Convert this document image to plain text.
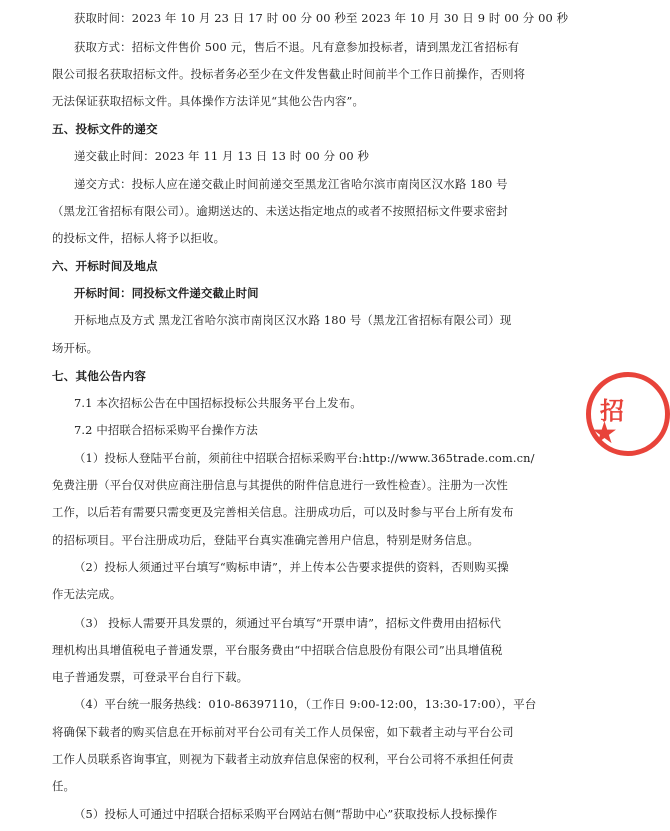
获取时间：2023 年 10 月 23 日 17 时 00 分 00 秒至 2023 年 10 月 30 日 9 时 00 分 00 秒

获取方式：招标文件售价 500 元，售后不退。凡有意参加投标者，请到黑龙江省招标有

限公司报名获取招标文件。投标者务必至少在文件发售截止时间前半个工作日前操作，否则将

无法保证获取招标文件。具体操作方法详见“其他公告内容”。

五、投标文件的递交

递交截止时间：2023 年 11 月 13 日 13 时 00 分 00 秒

递交方式：投标人应在递交截止时间前递交至黑龙江省哈尔滨市南岗区汉水路 180 号

（黑龙江省招标有限公司）。逾期送达的、未送达指定地点的或者不按照招标文件要求密封

的投标文件，招标人将予以拒收。

六、开标时间及地点

开标时间：同投标文件递交截止时间

开标地点及方式 黑龙江省哈尔滨市南岗区汉水路 180 号（黑龙江省招标有限公司）现

场开标。

七、其他公告内容

7.1 本次招标公告在中国招标投标公共服务平台上发布。

7.2 中招联合招标采购平台操作方法

（1）投标人登陆平台前，须前往中招联合招标采购平台:http://www.365trade.com.cn/

免费注册（平台仅对供应商注册信息与其提供的附件信息进行一致性检查）。注册为一次性

工作，以后若有需要只需变更及完善相关信息。注册成功后，可以及时参与平台上所有发布

的招标项目。平台注册成功后，登陆平台真实准确完善用户信息，特别是财务信息。

（2）投标人须通过平台填写“购标申请”，并上传本公告要求提供的资料，否则购买操

作无法完成。

（3） 投标人需要开具发票的，须通过平台填写“开票申请”，招标文件费用由招标代

理机构出具增值税电子普通发票，平台服务费由“中招联合信息股份有限公司”出具增值税

电子普通发票，可登录平台自行下载。

（4）平台统一服务热线：010-86397110，（工作日 9:00-12:00，13:30-17:00），平台

将确保下载者的购买信息在开标前对平台公司有关工作人员保密，如下载者主动与平台公司

工作人员联系咨询事宜，则视为下载者主动放弃信息保密的权利，平台公司将不承担任何责

任。

（5）投标人可通过中招联合招标采购平台网站右侧“帮助中心”获取投标人投标操作

招
★
